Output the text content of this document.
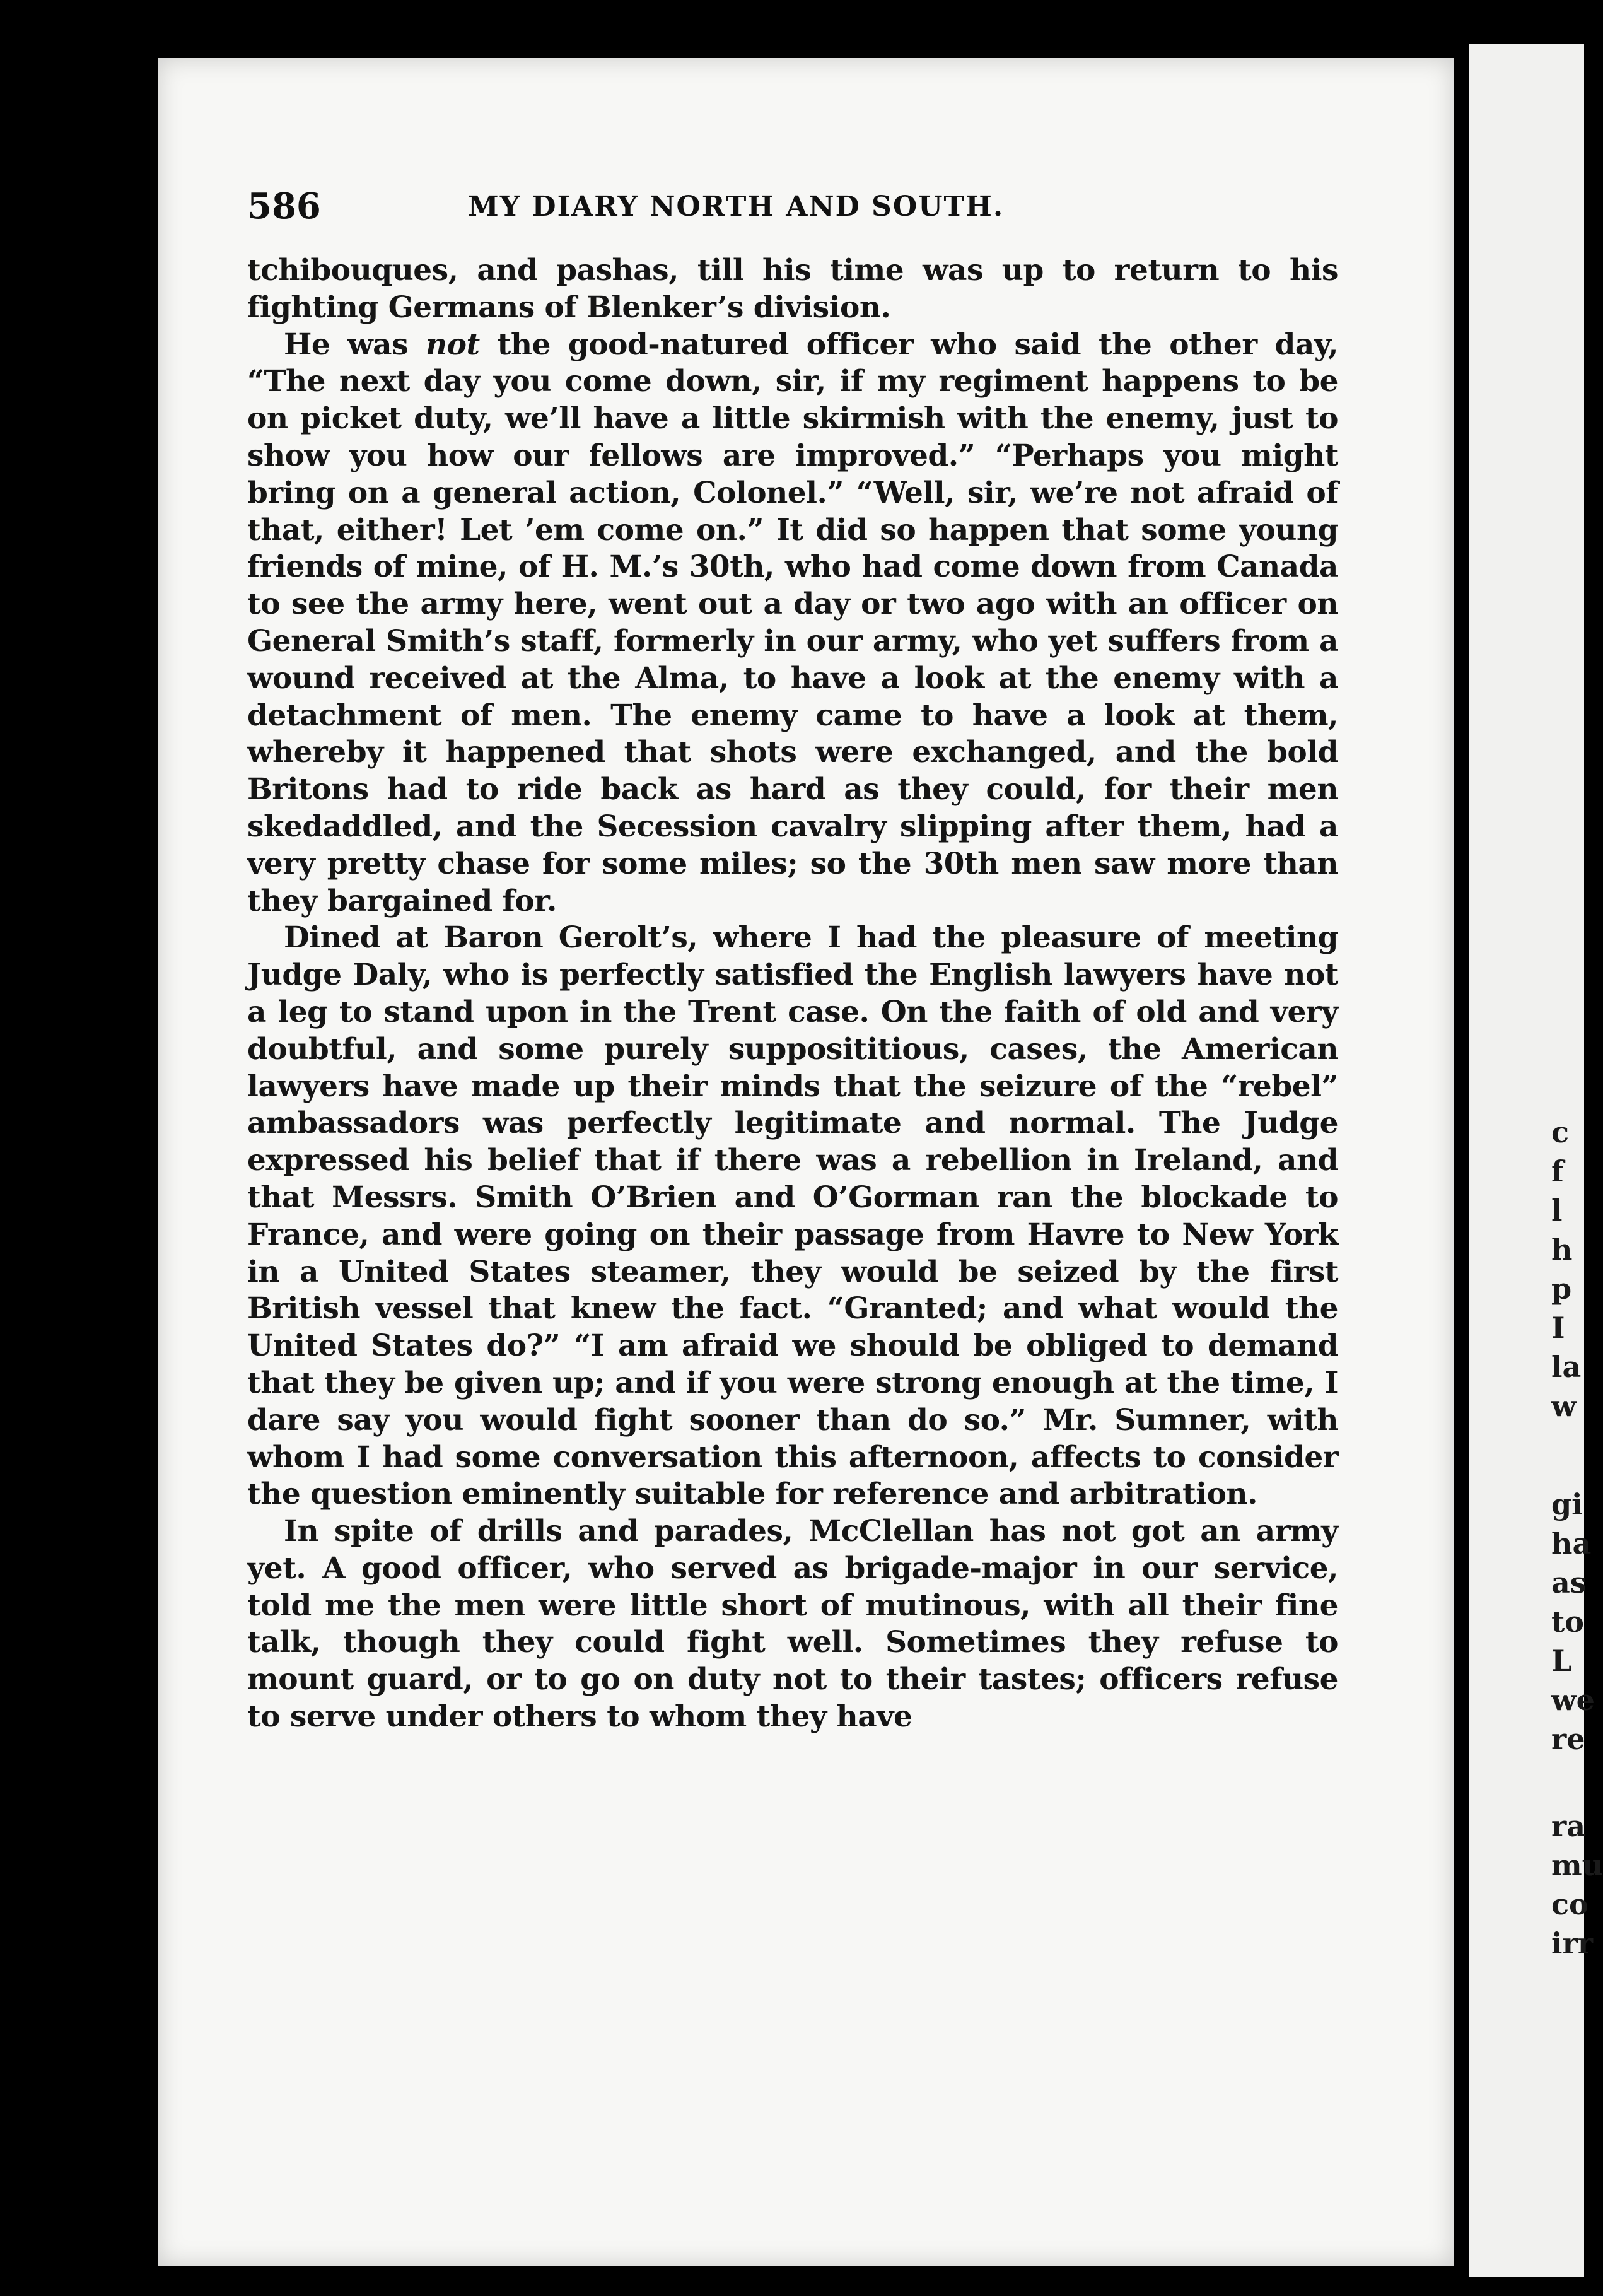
586	MY DIARY NORTH AND SOUTH.

tchibouques, and pashas, till his time was up to return to his fighting Germans of Blenker’s division.

He was not the good-natured officer who said the other day, “The next day you come down, sir, if my regiment happens to be on picket duty, we’ll have a little skirmish with the enemy, just to show you how our fellows are improved.” “Perhaps you might bring on a general action, Colonel.” “Well, sir, we’re not afraid of that, either! Let ’em come on.” It did so happen that some young friends of mine, of H. M.’s 30th, who had come down from Canada to see the army here, went out a day or two ago with an officer on General Smith’s staff, formerly in our army, who yet suffers from a wound received at the Alma, to have a look at the enemy with a detachment of men. The enemy came to have a look at them, whereby it happened that shots were exchanged, and the bold Britons had to ride back as hard as they could, for their men skedaddled, and the Secession cavalry slipping after them, had a very pretty chase for some miles; so the 30th men saw more than they bargained for.

Dined at Baron Gerolt’s, where I had the pleasure of meeting Judge Daly, who is perfectly satisfied the English lawyers have not a leg to stand upon in the Trent case. On the faith of old and very doubtful, and some purely supposititious, cases, the American lawyers have made up their minds that the seizure of the “rebel” ambassadors was perfectly legitimate and normal. The Judge expressed his belief that if there was a rebellion in Ireland, and that Messrs. Smith O’Brien and O’Gorman ran the blockade to France, and were going on their passage from Havre to New York in a United States steamer, they would be seized by the first British vessel that knew the fact. “Granted; and what would the United States do?” “I am afraid we should be obliged to demand that they be given up; and if you were strong enough at the time, I dare say you would fight sooner than do so.” Mr. Sumner, with whom I had some conversation this afternoon, affects to consider the question eminently suitable for reference and arbitration.

In spite of drills and parades, McClellan has not got an army yet. A good officer, who served as brigade-major in our service, told me the men were little short of mutinous, with all their fine talk, though they could fight well. Sometimes they refuse to mount guard, or to go on duty not to their tastes; officers refuse to serve under others to whom they have

c
f
l
h
p
I
la
w
gi
ha
as
to
L
we
re
ra
mu
co
irr
